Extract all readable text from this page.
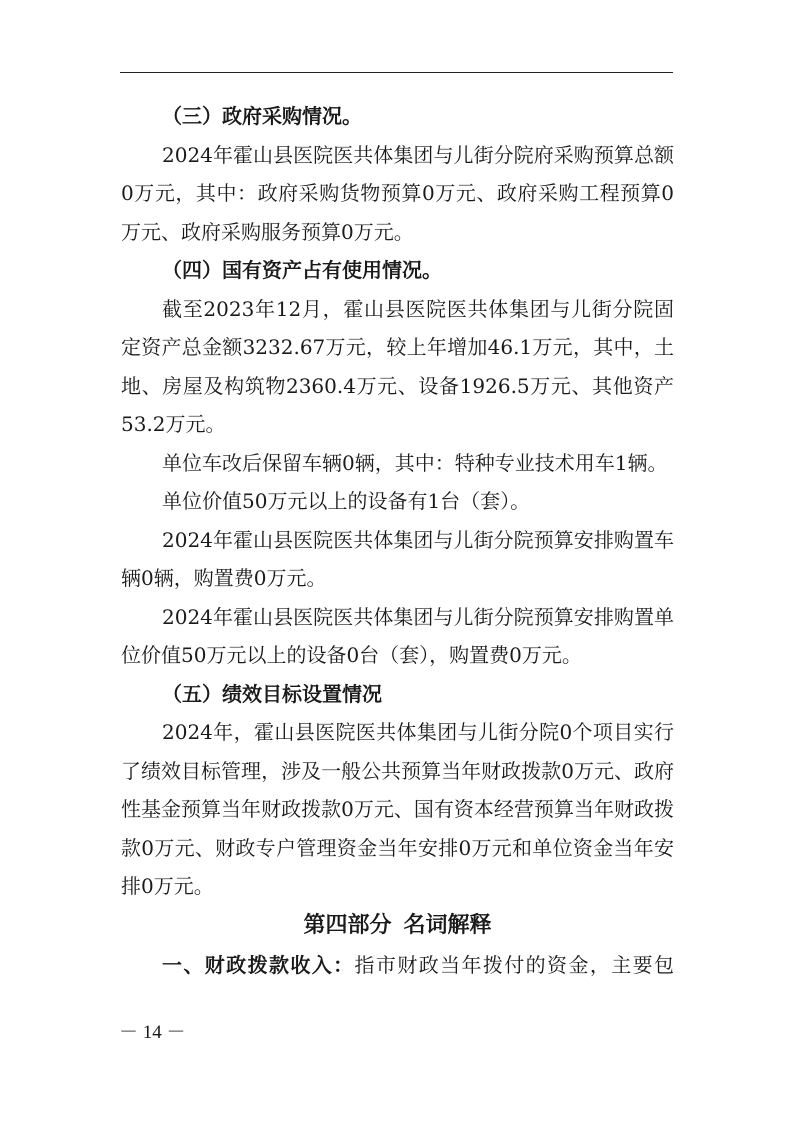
（三）政府采购情况。

2024年霍山县医院医共体集团与儿街分院府采购预算总额0万元，其中：政府采购货物预算0万元、政府采购工程预算0万元、政府采购服务预算0万元。

（四）国有资产占有使用情况。

截至2023年12月，霍山县医院医共体集团与儿街分院固定资产总金额3232.67万元，较上年增加46.1万元，其中，土地、房屋及构筑物2360.4万元、设备1926.5万元、其他资产53.2万元。

单位车改后保留车辆0辆，其中：特种专业技术用车1辆。

单位价值50万元以上的设备有1台（套）。

2024年霍山县医院医共体集团与儿街分院预算安排购置车辆0辆，购置费0万元。

2024年霍山县医院医共体集团与儿街分院预算安排购置单位价值50万元以上的设备0台（套），购置费0万元。

（五）绩效目标设置情况

2024年，霍山县医院医共体集团与儿街分院0个项目实行了绩效目标管理，涉及一般公共预算当年财政拨款0万元、政府性基金预算当年财政拨款0万元、国有资本经营预算当年财政拨款0万元、财政专户管理资金当年安排0万元和单位资金当年安排0万元。

第四部分 名词解释

一、财政拨款收入：指市财政当年拨付的资金，主要包

－ 14 －
